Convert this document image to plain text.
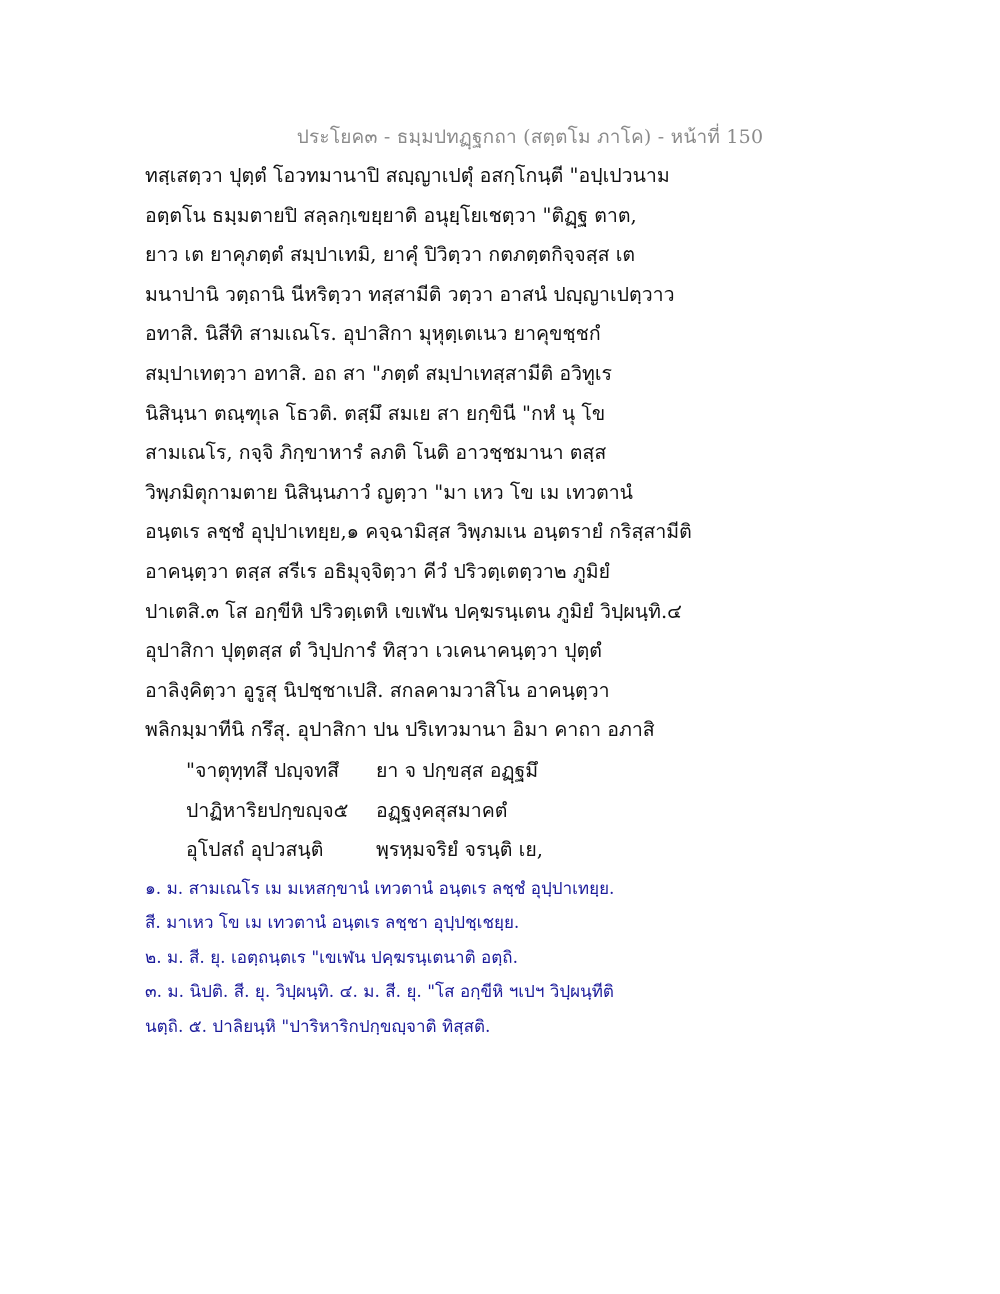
ประโยค๓ - ธมฺมปทฏฺฐกถา (สตฺตโม ภาโค) - หน้าที่ 150
ทสฺเสตฺวา ปุตฺตํ โอวทมานาปิ สญฺญาเปตุํ อสกฺโกนฺตี "อปฺเปวนาม
อตฺตโน ธมฺมตายปิ สลฺลกฺเขยฺยาติ อนุยฺโยเชตฺวา "ติฏฺฐ ตาต,
ยาว เต ยาคุภตฺตํ สมฺปาเทมิ, ยาคุํ ปิวิตฺวา กตภตฺตกิจฺจสฺส เต
มนาปานิ วตฺถานิ นีหริตฺวา ทสฺสามีติ วตฺวา อาสนํ ปญฺญาเปตฺวาว
อทาสิ. นิสีทิ สามเณโร. อุปาสิกา มุหุตฺเตเนว ยาคุขชฺชกํ
สมฺปาเทตฺวา อทาสิ. อถ สา "ภตฺตํ สมฺปาเทสฺสามีติ อวิทูเร
นิสินฺนา ตณฺฑุเล โธวติ. ตสฺมึ สมเย สา ยกฺขินี "กหํ นุ โข
สามเณโร, กจฺจิ ภิกฺขาหารํ ลภติ โนติ อาวชฺชมานา ตสฺส
วิพฺภมิตุกามตาย นิสินฺนภาวํ ญตฺวา "มา เหว โข เม เทวตานํ
อนฺตเร ลชฺชํ อุปฺปาเทยฺย,๑ คจฺฉามิสฺส วิพฺภมเน อนฺตรายํ กริสฺสามีติ
อาคนฺตฺวา ตสฺส สรีเร อธิมุจฺจิตฺวา คีวํ ปริวตฺเตตฺวา๒ ภูมิยํ
ปาเตสิ.๓ โส อกฺขีหิ ปริวตฺเตหิ เขเฬน ปคฺฆรนฺเตน ภูมิยํ วิปฺผนฺทิ.๔
อุปาสิกา ปุตฺตสฺส ตํ วิปฺปการํ ทิสฺวา เวเคนาคนฺตฺวา ปุตฺตํ
อาลิงฺคิตฺวา อูรูสุ นิปชฺชาเปสิ. สกลคามวาสิโน อาคนฺตฺวา
พลิกมฺมาทีนิ กรึสุ. อุปาสิกา ปน ปริเทวมานา อิมา คาถา อภาสิ
"จาตุทฺทสึ ปญฺจทสึ ยา จ ปกฺขสฺส อฏฺฐมึ
ปาฏิหาริยปกฺขญฺจ๕ อฏฺฐงฺคสุสมาคตํ
อุโปสถํ อุปวสนฺติ	พฺรหฺมจริยํ จรนฺติ เย,
๑. ม. สามเณโร เม มเหสกฺขานํ เทวตานํ อนฺตเร ลชฺชํ อุปฺปาเทยฺย.
สี. มาเหว โข เม เทวตานํ อนฺตเร ลชฺชา อุปฺปชฺเชยฺย.
๒. ม. สี. ยุ. เอตฺถนฺตเร "เขเฬน ปคฺฆรนฺเตนาติ อตฺถิ.
๓. ม. นิปติ. สี. ยุ. วิปฺผนฺทิ. ๔. ม. สี. ยุ. "โส อกฺขีหิ ฯเปฯ วิปฺผนฺทีติ
นตฺถิ. ๕. ปาลิยนฺหิ "ปาริหาริกปกฺขญฺจาติ ทิสฺสติ.
